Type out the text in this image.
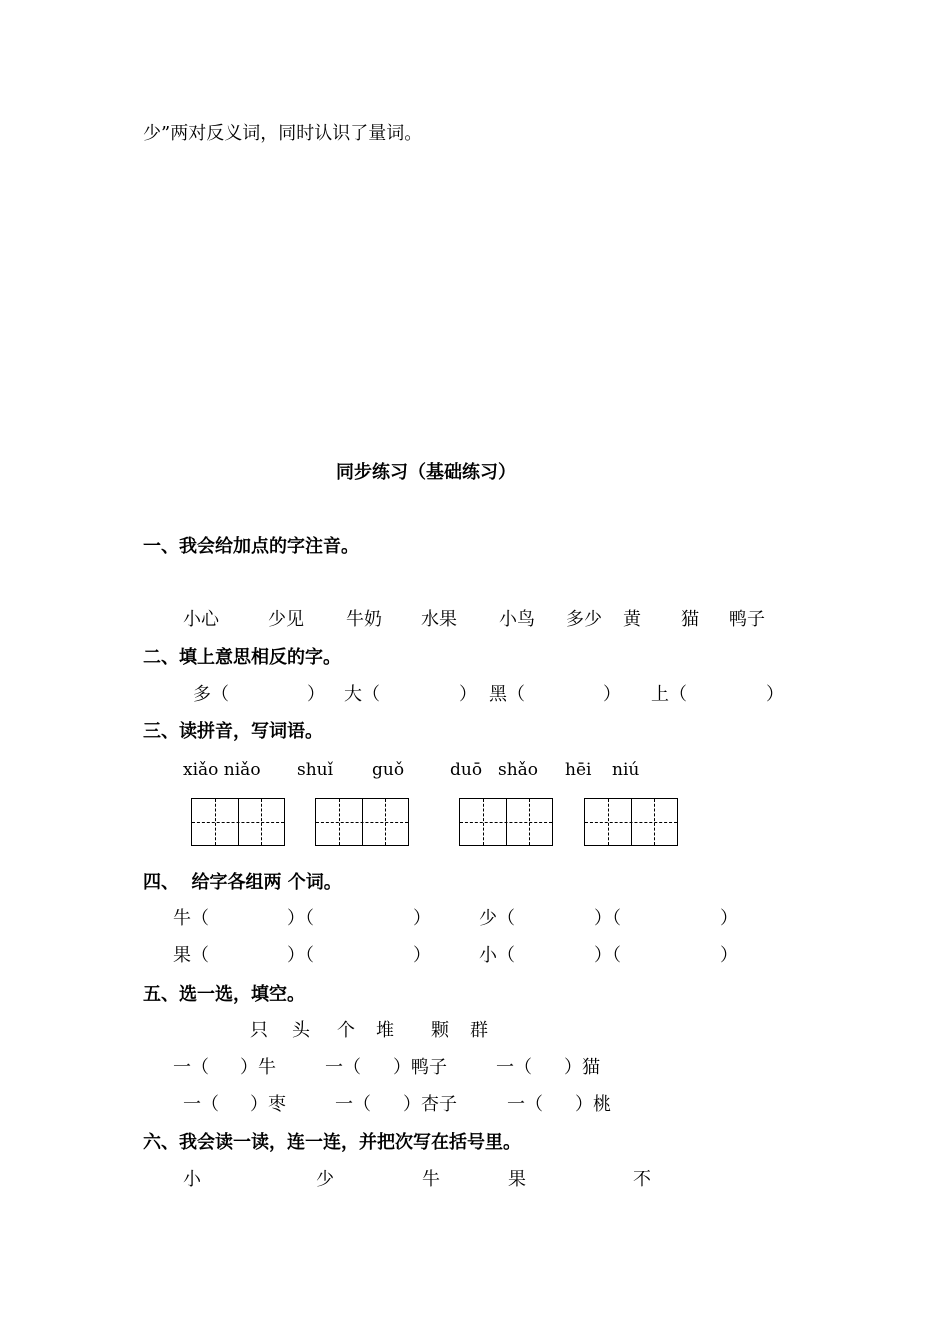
少”两对反义词，同时认识了量词。
同步练习（基础练习）
一、我会给加点的字注音。
小心	少见 牛奶 水果 小鸟 多少 黄 猫 鸭子
二、填上意思相反的字。
多（	） 大（	） 黑（	） 上（	）
三、读拼音，写词语。
xiǎo niǎo shuǐ guǒ	duō shǎo hēi niú
四、  给字各组两 个词。
牛（	）（	）	少（	）（	）
果（	）（	）	小（	）（	）
五、选一选，填空。
只 头 个 堆 颗 群
一（ ）牛	一（ ）鸭子	一（ ）猫
一（ ）枣	一（ ）杏子	一（ ）桃
六、我会读一读，连一连，并把次写在括号里。
小	少	牛	果	不
